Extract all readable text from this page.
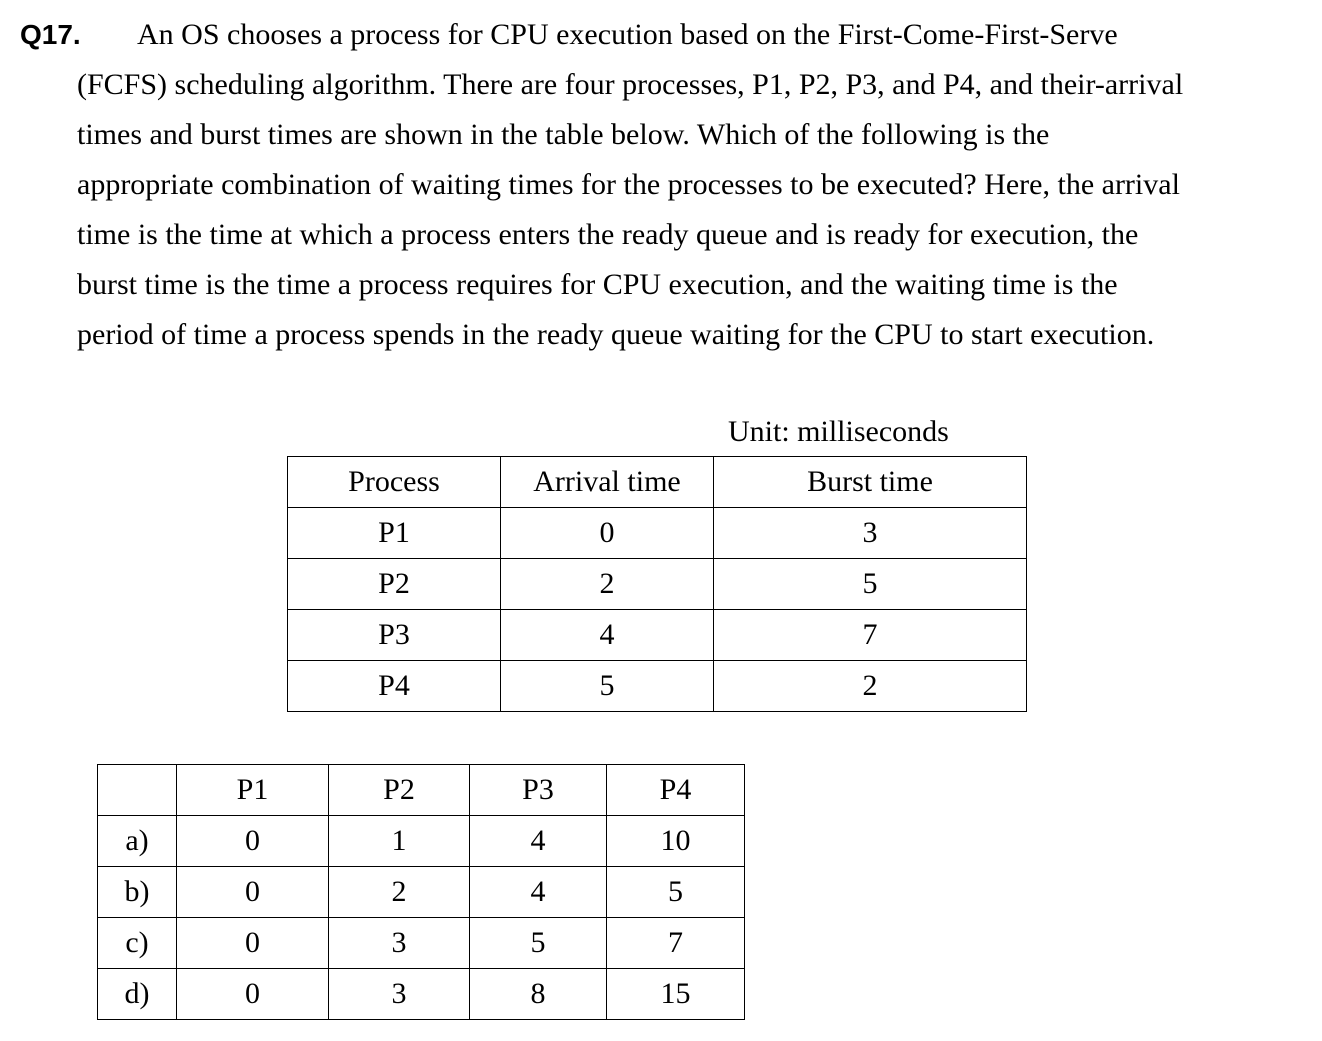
Q17. An OS chooses a process for CPU execution based on the First-Come-First-Serve
(FCFS) scheduling algorithm. There are four processes, P1, P2, P3, and P4, and their-arrival
times and burst times are shown in the table below. Which of the following is the
appropriate combination of waiting times for the processes to be executed? Here, the arrival
time is the time at which a process enters the ready queue and is ready for execution, the
burst time is the time a process requires for CPU execution, and the waiting time is the
period of time a process spends in the ready queue waiting for the CPU to start execution.
Unit: milliseconds
Process	Arrival time	Burst time
P1	0	3
P2	2	5
P3	4	7
P4	5	2
	P1	P2	P3	P4
a)	0	1	4	10
b)	0	2	4	5
c)	0	3	5	7
d)	0	3	8	15
